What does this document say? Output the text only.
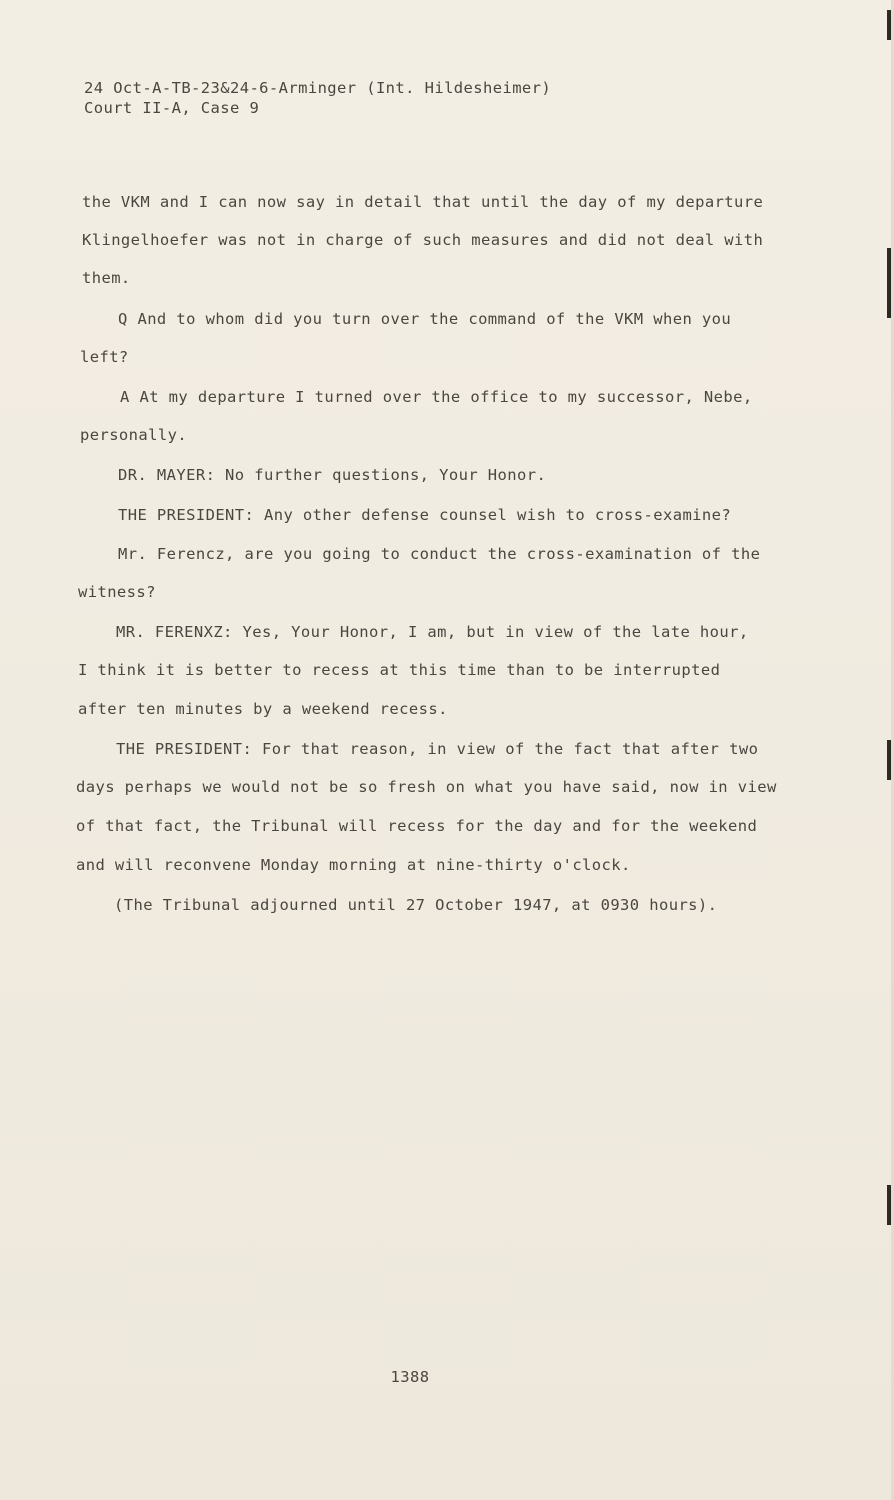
24 Oct-A-TB-23&24-6-Arminger (Int. Hildesheimer)
Court II-A, Case 9
the VKM and I can now say in detail that until the day of my departure
Klingelhoefer was not in charge of such measures and did not deal with
them.
Q And to whom did you turn over the command of the VKM when you
left?
A At my departure I turned over the office to my successor, Nebe,
personally.
DR. MAYER: No further questions, Your Honor.
THE PRESIDENT: Any other defense counsel wish to cross-examine?
Mr. Ferencz, are you going to conduct the cross-examination of the
witness?
MR. FERENXZ: Yes, Your Honor, I am, but in view of the late hour,
I think it is better to recess at this time than to be interrupted
after ten minutes by a weekend recess.
THE PRESIDENT: For that reason, in view of the fact that after two
days perhaps we would not be so fresh on what you have said, now in view
of that fact, the Tribunal will recess for the day and for the weekend
and will reconvene Monday morning at nine-thirty o'clock.
(The Tribunal adjourned until 27 October 1947, at 0930 hours).
1388
